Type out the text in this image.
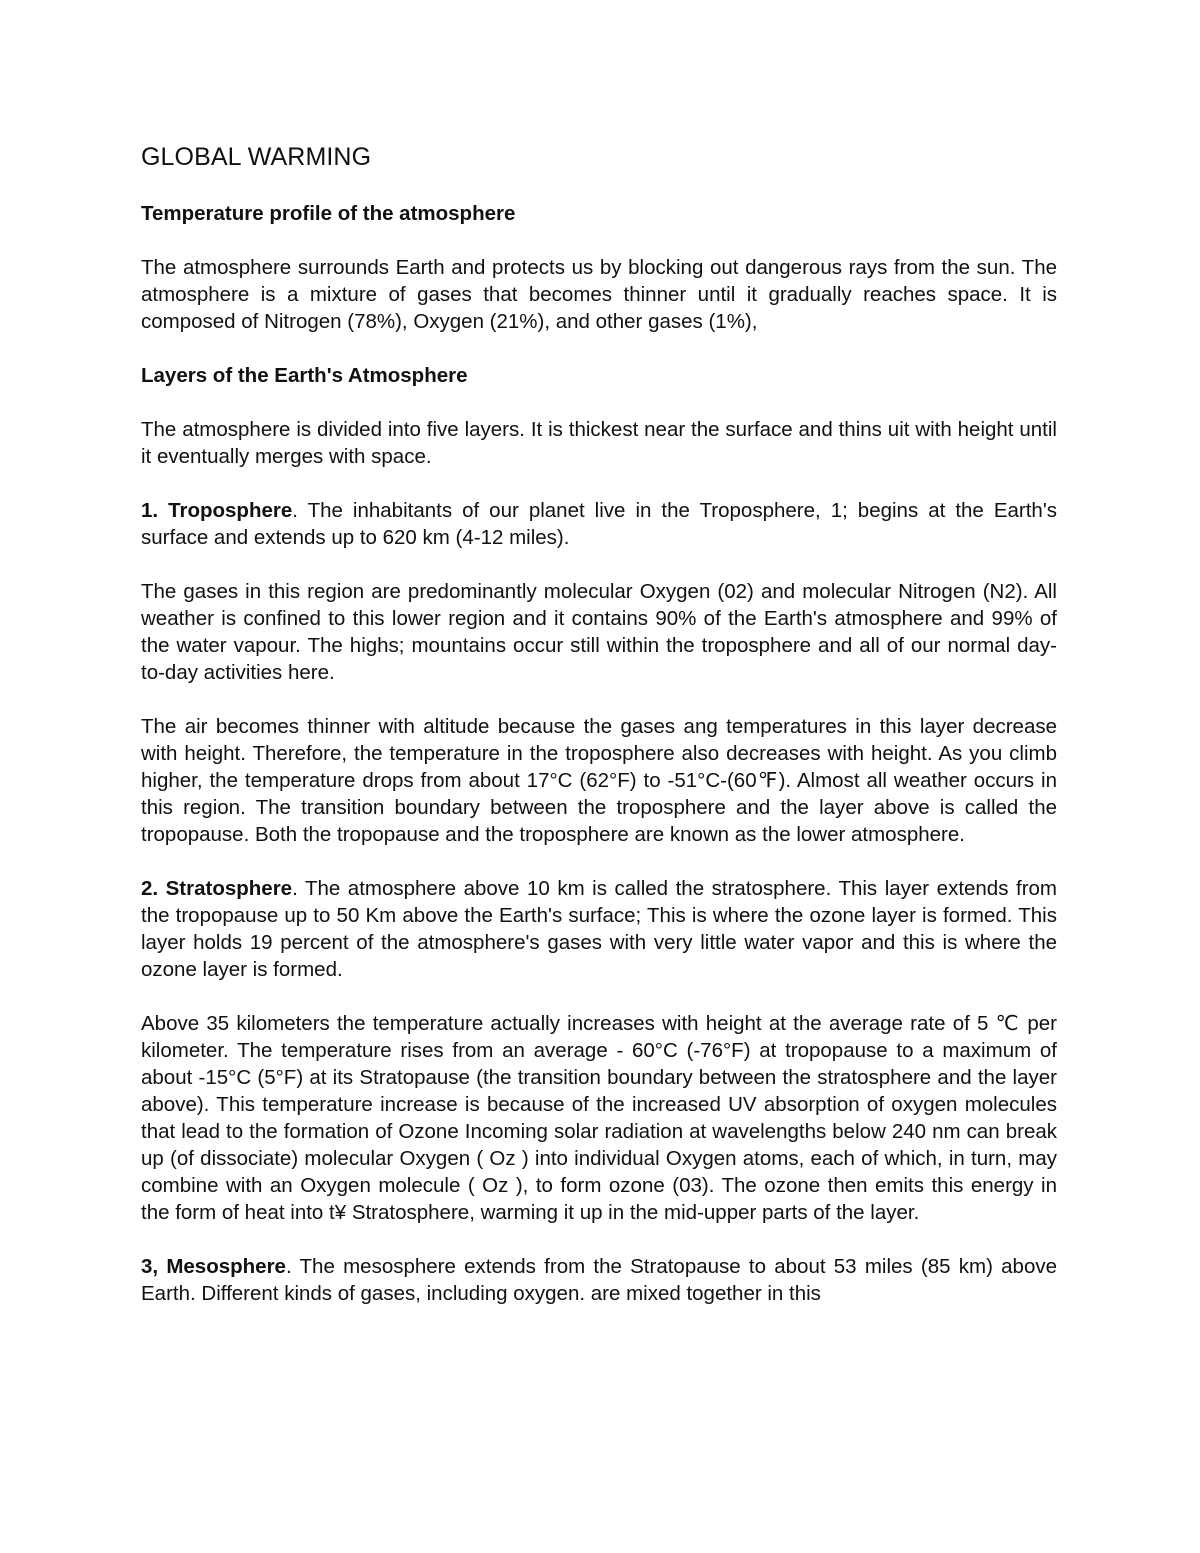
GLOBAL WARMING
Temperature profile of the atmosphere

The atmosphere surrounds Earth and protects us by blocking out dangerous rays from the sun. The atmosphere is a mixture of gases that becomes thinner until it gradually reaches space. It is composed of Nitrogen (78%), Oxygen (21%), and other gases (1%),

Layers of the Earth's Atmosphere

The atmosphere is divided into five layers. It is thickest near the surface and thins uit with height until it eventually merges with space.

1. Troposphere. The inhabitants of our planet live in the Troposphere, 1; begins at the Earth's surface and extends up to 620 km (4-12 miles).

The gases in this region are predominantly molecular Oxygen (02) and molecular Nitrogen (N2). All weather is confined to this lower region and it contains 90% of the Earth's atmosphere and 99% of the water vapour. The highs; mountains occur still within the troposphere and all of our normal day-to-day activities here.

The air becomes thinner with altitude because the gases ang temperatures in this layer decrease with height. Therefore, the temperature in the troposphere also decreases with height. As you climb higher, the temperature drops from about 17°C (62°F) to -51°C-(60℉). Almost all weather occurs in this region. The transition boundary between the troposphere and the layer above is called the tropopause. Both the tropopause and the troposphere are known as the lower atmosphere.

2. Stratosphere. The atmosphere above 10 km is called the stratosphere. This layer extends from the tropopause up to 50 Km above the Earth's surface; This is where the ozone layer is formed. This layer holds 19 percent of the atmosphere's gases with very little water vapor and this is where the ozone layer is formed.

Above 35 kilometers the temperature actually increases with height at the average rate of 5 ℃ per kilometer. The temperature rises from an average - 60°C (-76°F) at tropopause to a maximum of about -15°C (5°F) at its Stratopause (the transition boundary between the stratosphere and the layer above). This temperature increase is because of the increased UV absorption of oxygen molecules that lead to the formation of Ozone Incoming solar radiation at wavelengths below 240 nm can break up (of dissociate) molecular Oxygen ( Oz ) into individual Oxygen atoms, each of which, in turn, may combine with an Oxygen molecule ( Oz ), to form ozone (03). The ozone then emits this energy in the form of heat into t¥ Stratosphere, warming it up in the mid-upper parts of the layer.

3, Mesosphere. The mesosphere extends from the Stratopause to about 53 miles (85 km) above Earth. Different kinds of gases, including oxygen. are mixed together in this
